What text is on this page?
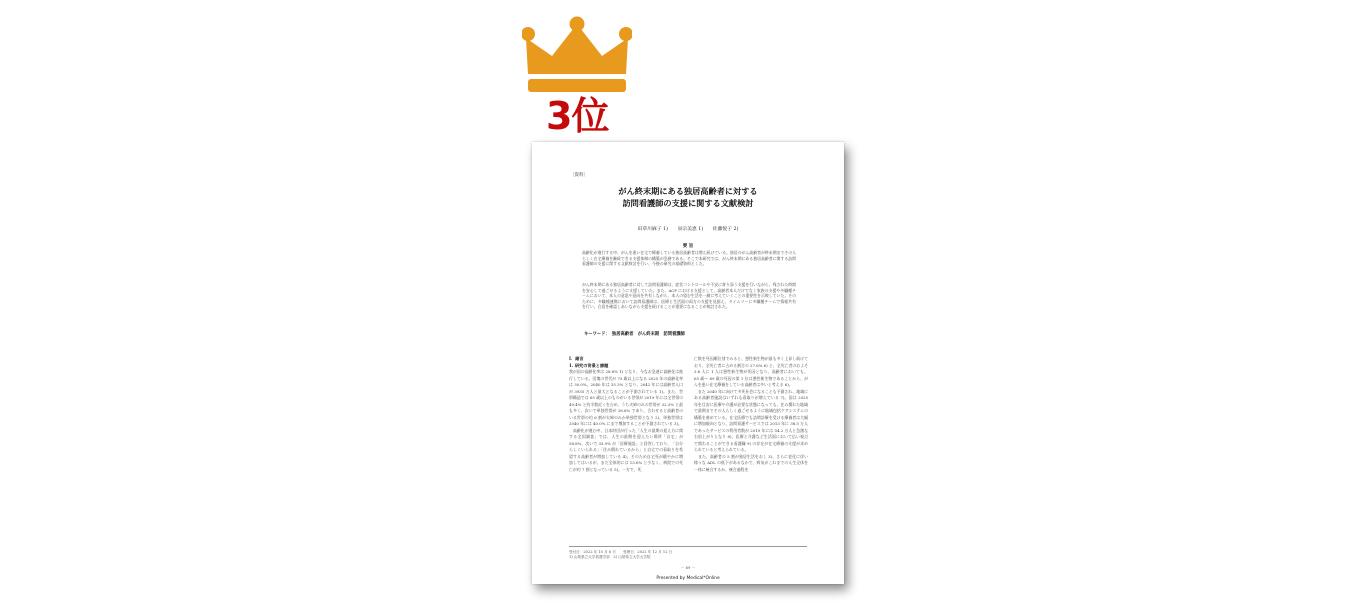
3位
〔資料〕
がん終末期にある独居高齢者に対する
訪問看護師の支援に関する文献検討
田草川麻子 1)　　泉宗美恵 1)　　佐藤悦子 2)
要 旨
高齢化が進行する中、がんを患い在宅で療養している独居高齢者は増え続けている。独居のがん高齢者が終末期までその人らしく在宅療養を継続できる支援体制の構築が急務である。そこで本研究では、がん終末期にある独居高齢者に関する訪問看護師の支援に関する文献検討を行い、今後の研究の基礎資料とした。
がん終末期にある独居高齢者に対して訪問看護師は、症状コントロールや不安に寄り添う支援を行いながら、残された時間を安心して過ごせるように支援していた。また、ACP における支援として、高齢者本人だけでなく家族の支援や多職種チームにおいて、本人の意思や意向を共有しながら、本人の望む生活を一緒に考えていくことの重要性を示唆していた。そのために、多職種連携において訪問看護師は、医療と生活面の両方の支援を見据え、タイムリーに多職種チームで情報共有を行い、合意を確認しあいながら支援を続けることが重要になることが検討された。
キーワード：　独居高齢者　がん終末期　訪問看護師
Ⅰ．緒言
1. 研究の背景と課題
我が国の高齢化率は 28.8% 1) となり、今なお急速に高齢化は進行している。団塊の世代が 75 歳以上になる 2025 年の高齢化率は 30.0%、2040 年は 35.3% となり、2042 年には高齢者人口が 3935 万人と最大となることが予測されている 1)。また、世帯構造では 65 歳以上のものがいる世帯が 2019 年には全世帯の 49.4% と約半数近くを占め、うち夫婦のみの世帯が 32.3% と最も多く、次いで単独世帯が 28.8% であり、合わせると高齢者のいる世帯の約 6 割が夫婦のみか単独世帯となり 2)、単独世帯は 2040 年には 40.0% にまで増加することが予測されている 3)。
　高齢化が進む中、日本財団が行った「人生の最期の迎え方に関する全国調査」では、人生の最期を迎えたい場所「自宅」が 58.8%、次いで 33.9% が「医療施設」と回答しており、「自分らしくいられる」「住み慣れているから」と自宅での看取りを希望する高齢者が増加している 4)。そのため自宅死が緩やかに増加してはいるが、まだ全体的には 13.6% と少なく、病院での死亡が約 7 割となっている 5)。一方で、死
亡数を死因順位別でみると、悪性新生物が最も多く上昇し続けており、全死亡者に占める割合の 27.6% 6) と、全死亡者のおよそ 3.6 人に 1 人は悪性新生物が死因となり、高齢者においても、65 歳～ 89 歳の死因の第 1 位は悪性新生物であることから、がんを患い在宅療養をしている高齢者は多いと考える 6)。
　また 2040 年に向けて多死社会になることも予測され、地域にある高齢者施設はいずれも看取りが増えている 7)。国は 2025 年を目安に医療や介護が必要な状態になっても、住み慣れた地域で最期までその人らしく過ごせるように地域包括ケアシステムの構築を進めている。在宅医療でも訪問診療を受ける療養者は大幅に増加傾向となり、訪問看護サービスでは 2013 年に 38.5 万人であったサービスの利用者数が 2019 年には 54.2 万人と急激な右肩上がりとなり 8)、医療と介護など生活面において広い視点で関わることができる看護職 9) の存在が在宅療養の支援が求められていると考えられている。
　また、高齢者の 5 割が独居生活をおし 3)、さらに老化に伴い様々な ADL の低下があるなかで、病気がこれまでの人生全体を一体に統合するか、統合過程を
受付日：2022 年 10 月 6 日　　受理日：2022 年 12 月 12 日
1) 山梨県立大学看護学部　2) 山梨県立大学大学院
－ 69 －
Presented by Medical*Online
